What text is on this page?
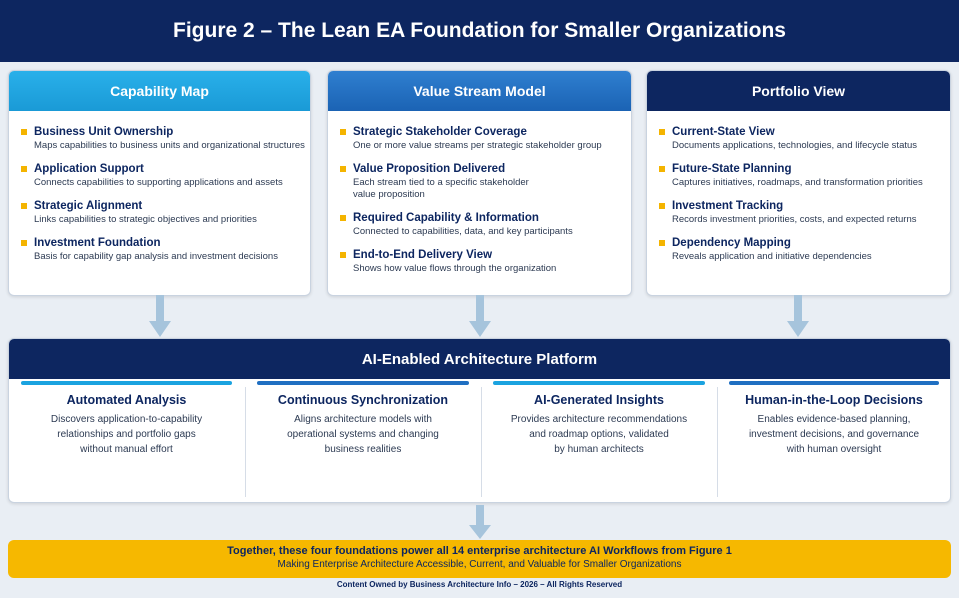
Figure 2 – The Lean EA Foundation for Smaller Organizations
Capability Map
Business Unit Ownership
Maps capabilities to business units and organizational structures
Application Support
Connects capabilities to supporting applications and assets
Strategic Alignment
Links capabilities to strategic objectives and priorities
Investment Foundation
Basis for capability gap analysis and investment decisions
Value Stream Model
Strategic Stakeholder Coverage
One or more value streams per strategic stakeholder group
Value Proposition Delivered
Each stream tied to a specific stakeholder value proposition
Required Capability & Information
Connected to capabilities, data, and key participants
End-to-End Delivery View
Shows how value flows through the organization
Portfolio View
Current-State View
Documents applications, technologies, and lifecycle status
Future-State Planning
Captures initiatives, roadmaps, and transformation priorities
Investment Tracking
Records investment priorities, costs, and expected returns
Dependency Mapping
Reveals application and initiative dependencies
AI-Enabled Architecture Platform
Automated Analysis
Discovers application-to-capability
relationships and portfolio gaps
without manual effort
Continuous Synchronization
Aligns architecture models with
operational systems and changing
business realities
AI-Generated Insights
Provides architecture recommendations
and roadmap options, validated
by human architects
Human-in-the-Loop Decisions
Enables evidence-based planning,
investment decisions, and governance
with human oversight
Together, these four foundations power all 14 enterprise architecture AI Workflows from Figure 1
Making Enterprise Architecture Accessible, Current, and Valuable for Smaller Organizations
Content Owned by Business Architecture Info – 2026 – All Rights Reserved
